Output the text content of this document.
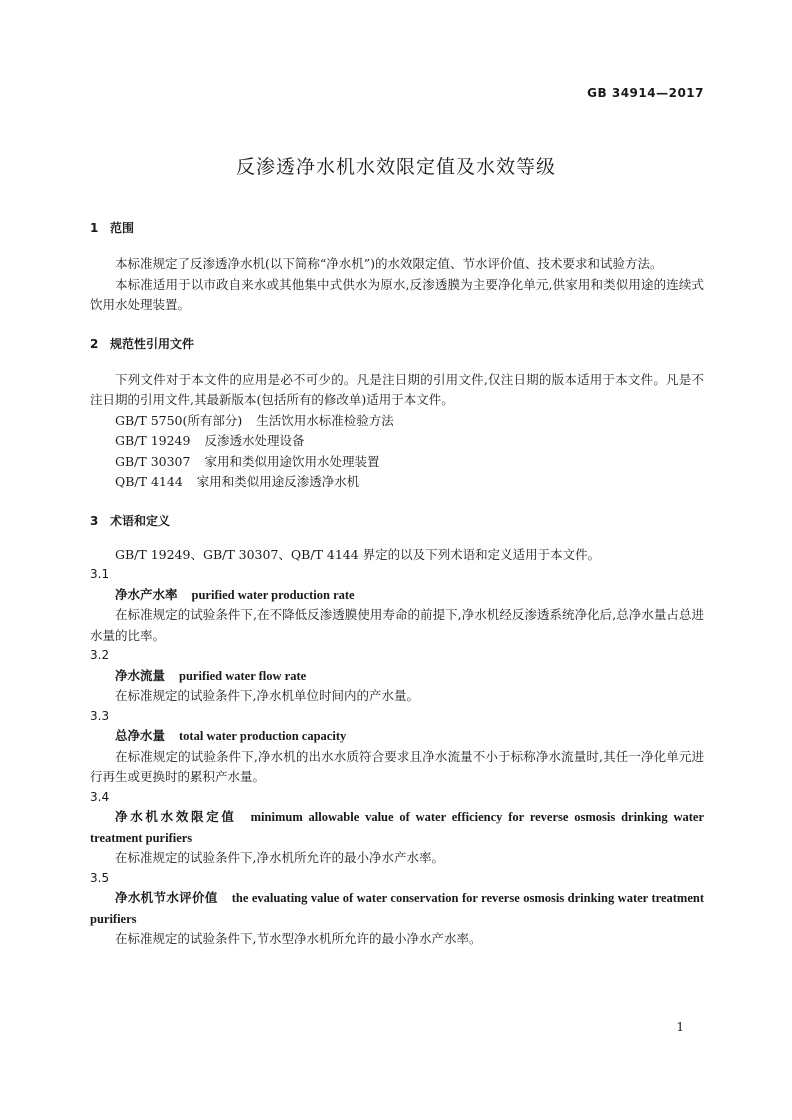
GB 34914—2017
反渗透净水机水效限定值及水效等级
1 范围

本标准规定了反渗透净水机(以下简称“净水机”)的水效限定值、节水评价值、技术要求和试验方法。

本标准适用于以市政自来水或其他集中式供水为原水,反渗透膜为主要净化单元,供家用和类似用途的连续式饮用水处理装置。

2 规范性引用文件

下列文件对于本文件的应用是必不可少的。凡是注日期的引用文件,仅注日期的版本适用于本文件。凡是不注日期的引用文件,其最新版本(包括所有的修改单)适用于本文件。

GB/T 5750(所有部分) 生活饮用水标准检验方法

GB/T 19249 反渗透水处理设备

GB/T 30307 家用和类似用途饮用水处理装置

QB/T 4144 家用和类似用途反渗透净水机

3 术语和定义

GB/T 19249、GB/T 30307、QB/T 4144 界定的以及下列术语和定义适用于本文件。

3.1
净水产水率 purified water production rate

在标准规定的试验条件下,在不降低反渗透膜使用寿命的前提下,净水机经反渗透系统净化后,总净水量占总进水量的比率。

3.2
净水流量 purified water flow rate

在标准规定的试验条件下,净水机单位时间内的产水量。

3.3
总净水量 total water production capacity

在标准规定的试验条件下,净水机的出水水质符合要求且净水流量不小于标称净水流量时,其任一净化单元进行再生或更换时的累积产水量。

3.4
净水机水效限定值 minimum allowable value of water efficiency for reverse osmosis drinking water treatment purifiers

在标准规定的试验条件下,净水机所允许的最小净水产水率。

3.5
净水机节水评价值 the evaluating value of water conservation for reverse osmosis drinking water treatment purifiers

在标准规定的试验条件下,节水型净水机所允许的最小净水产水率。

1
